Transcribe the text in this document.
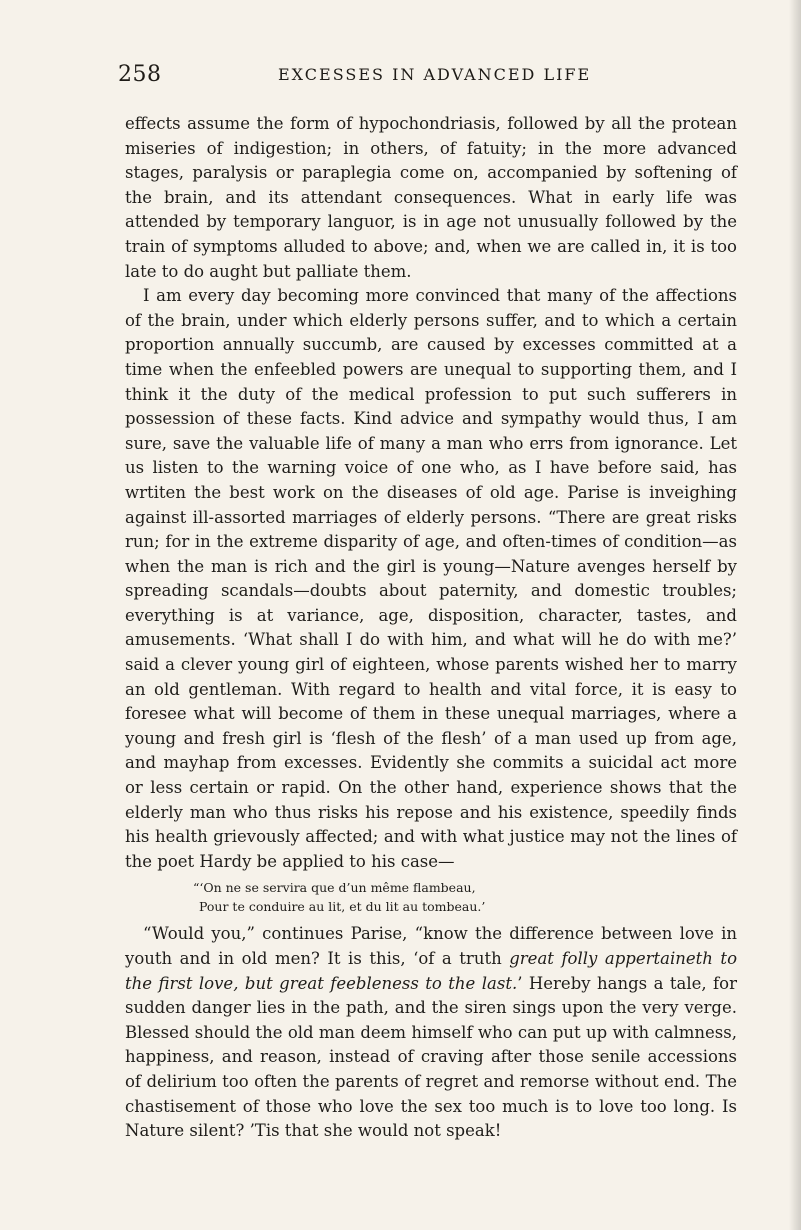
258	EXCESSES IN ADVANCED LIFE

effects assume the form of hypochondriasis, followed by all the protean miseries of indigestion; in others, of fatuity; in the more advanced stages, paralysis or paraplegia come on, accompanied by softening of the brain, and its attendant consequences. What in early life was attended by temporary languor, is in age not unusually followed by the train of symptoms alluded to above; and, when we are called in, it is too late to do aught but palliate them.

I am every day becoming more convinced that many of the affections of the brain, under which elderly persons suffer, and to which a certain proportion annually succumb, are caused by excesses committed at a time when the enfeebled powers are unequal to supporting them, and I think it the duty of the medical profession to put such sufferers in possession of these facts. Kind advice and sympathy would thus, I am sure, save the valuable life of many a man who errs from ignorance. Let us listen to the warning voice of one who, as I have before said, has wrtiten the best work on the diseases of old age. Parise is inveighing against ill-assorted marriages of elderly persons. “There are great risks run; for in the extreme disparity of age, and often-times of condition—as when the man is rich and the girl is young—Nature avenges herself by spreading scandals—doubts about paternity, and domestic troubles; everything is at variance, age, disposition, character, tastes, and amusements. ‘What shall I do with him, and what will he do with me?’ said a clever young girl of eighteen, whose parents wished her to marry an old gentleman. With regard to health and vital force, it is easy to foresee what will become of them in these unequal marriages, where a young and fresh girl is ‘flesh of the flesh’ of a man used up from age, and mayhap from excesses. Evidently she commits a suicidal act more or less certain or rapid. On the other hand, experience shows that the elderly man who thus risks his repose and his existence, speedily finds his health grievously affected; and with what justice may not the lines of the poet Hardy be applied to his case—

“‘On ne se servira que d’un même flambeau,
Pour te conduire au lit, et du lit au tombeau.’

“Would you,” continues Parise, “know the difference between love in youth and in old men? It is this, ‘of a truth great folly appertaineth to the first love, but great feebleness to the last.’ Hereby hangs a tale, for sudden danger lies in the path, and the siren sings upon the very verge. Blessed should the old man deem himself who can put up with calmness, happiness, and reason, instead of craving after those senile accessions of delirium too often the parents of regret and remorse without end. The chastisement of those who love the sex too much is to love too long. Is Nature silent? ’Tis that she would not speak!
